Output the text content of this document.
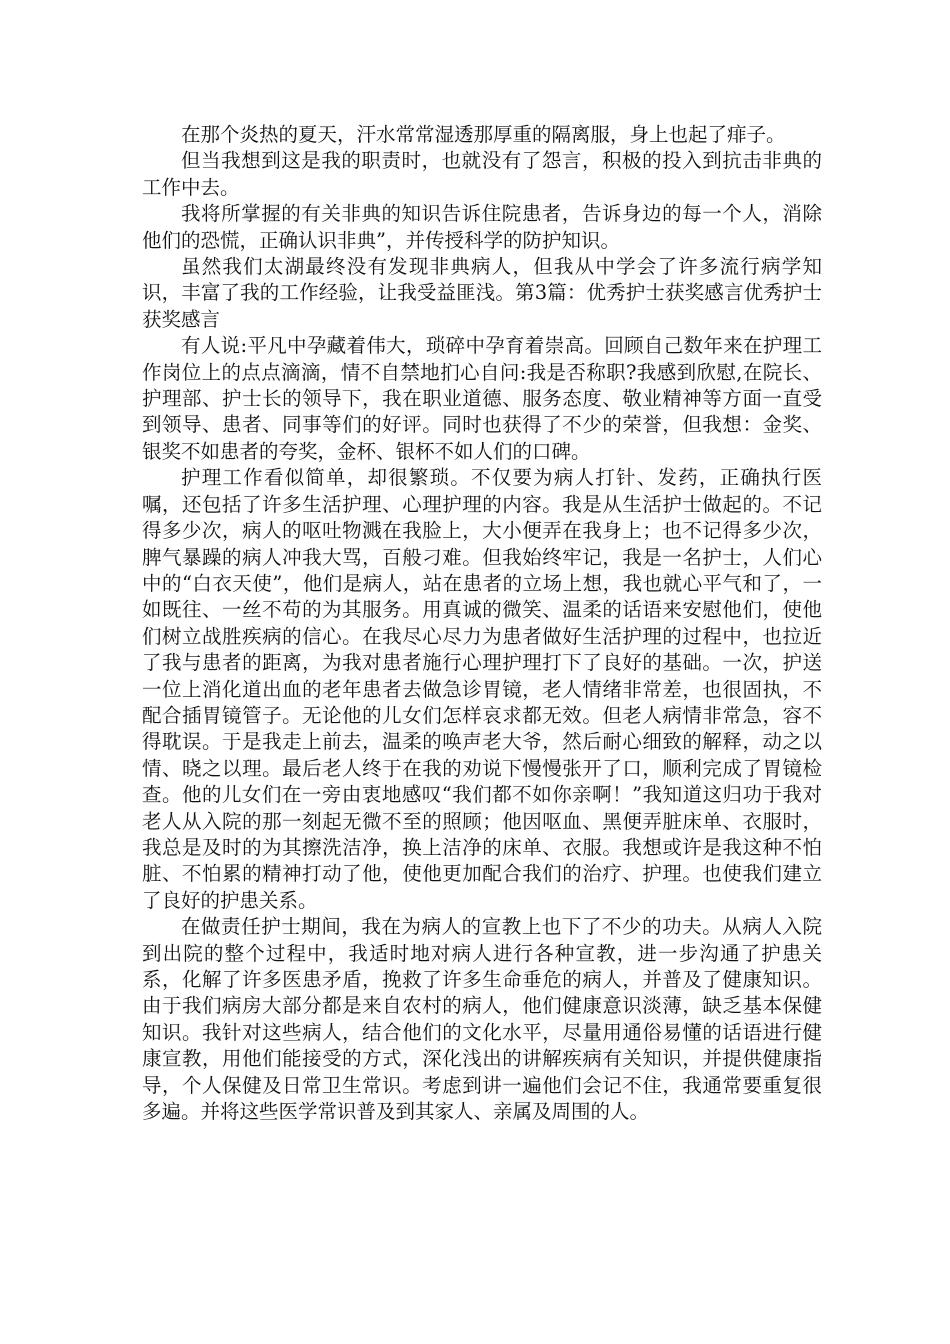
在那个炎热的夏天，汗水常常湿透那厚重的隔离服，身上也起了痱子。

但当我想到这是我的职责时，也就没有了怨言，积极的投入到抗击非典的工作中去。

我将所掌握的有关非典的知识告诉住院患者，告诉身边的每一个人，消除他们的恐慌，正确认识非典”，并传授科学的防护知识。

虽然我们太湖最终没有发现非典病人，但我从中学会了许多流行病学知识，丰富了我的工作经验，让我受益匪浅。第3篇：优秀护士获奖感言优秀护士获奖感言

有人说:平凡中孕藏着伟大，琐碎中孕育着崇高。回顾自己数年来在护理工作岗位上的点点滴滴，情不自禁地扪心自问:我是否称职?我感到欣慰,在院长、护理部、护士长的领导下，我在职业道德、服务态度、敬业精神等方面一直受到领导、患者、同事等们的好评。同时也获得了不少的荣誉，但我想：金奖、银奖不如患者的夸奖，金杯、银杯不如人们的口碑。

护理工作看似简单，却很繁琐。不仅要为病人打针、发药，正确执行医嘱，还包括了许多生活护理、心理护理的内容。我是从生活护士做起的。不记得多少次，病人的呕吐物溅在我脸上，大小便弄在我身上；也不记得多少次，脾气暴躁的病人冲我大骂，百般刁难。但我始终牢记，我是一名护士，人们心中的“白衣天使”，他们是病人，站在患者的立场上想，我也就心平气和了，一如既往、一丝不苟的为其服务。用真诚的微笑、温柔的话语来安慰他们，使他们树立战胜疾病的信心。在我尽心尽力为患者做好生活护理的过程中，也拉近了我与患者的距离，为我对患者施行心理护理打下了良好的基础。一次，护送一位上消化道出血的老年患者去做急诊胃镜，老人情绪非常差，也很固执，不配合插胃镜管子。无论他的儿女们怎样哀求都无效。但老人病情非常急，容不得耽误。于是我走上前去，温柔的唤声老大爷，然后耐心细致的解释，动之以情、晓之以理。最后老人终于在我的劝说下慢慢张开了口，顺利完成了胃镜检查。他的儿女们在一旁由衷地感叹“我们都不如你亲啊！”我知道这归功于我对老人从入院的那一刻起无微不至的照顾；他因呕血、黑便弄脏床单、衣服时，我总是及时的为其擦洗洁净，换上洁净的床单、衣服。我想或许是我这种不怕脏、不怕累的精神打动了他，使他更加配合我们的治疗、护理。也使我们建立了良好的护患关系。

在做责任护士期间，我在为病人的宣教上也下了不少的功夫。从病人入院到出院的整个过程中，我适时地对病人进行各种宣教，进一步沟通了护患关系，化解了许多医患矛盾，挽救了许多生命垂危的病人，并普及了健康知识。由于我们病房大部分都是来自农村的病人，他们健康意识淡薄，缺乏基本保健知识。我针对这些病人，结合他们的文化水平，尽量用通俗易懂的话语进行健康宣教，用他们能接受的方式，深化浅出的讲解疾病有关知识，并提供健康指导，个人保健及日常卫生常识。考虑到讲一遍他们会记不住，我通常要重复很多遍。并将这些医学常识普及到其家人、亲属及周围的人。
